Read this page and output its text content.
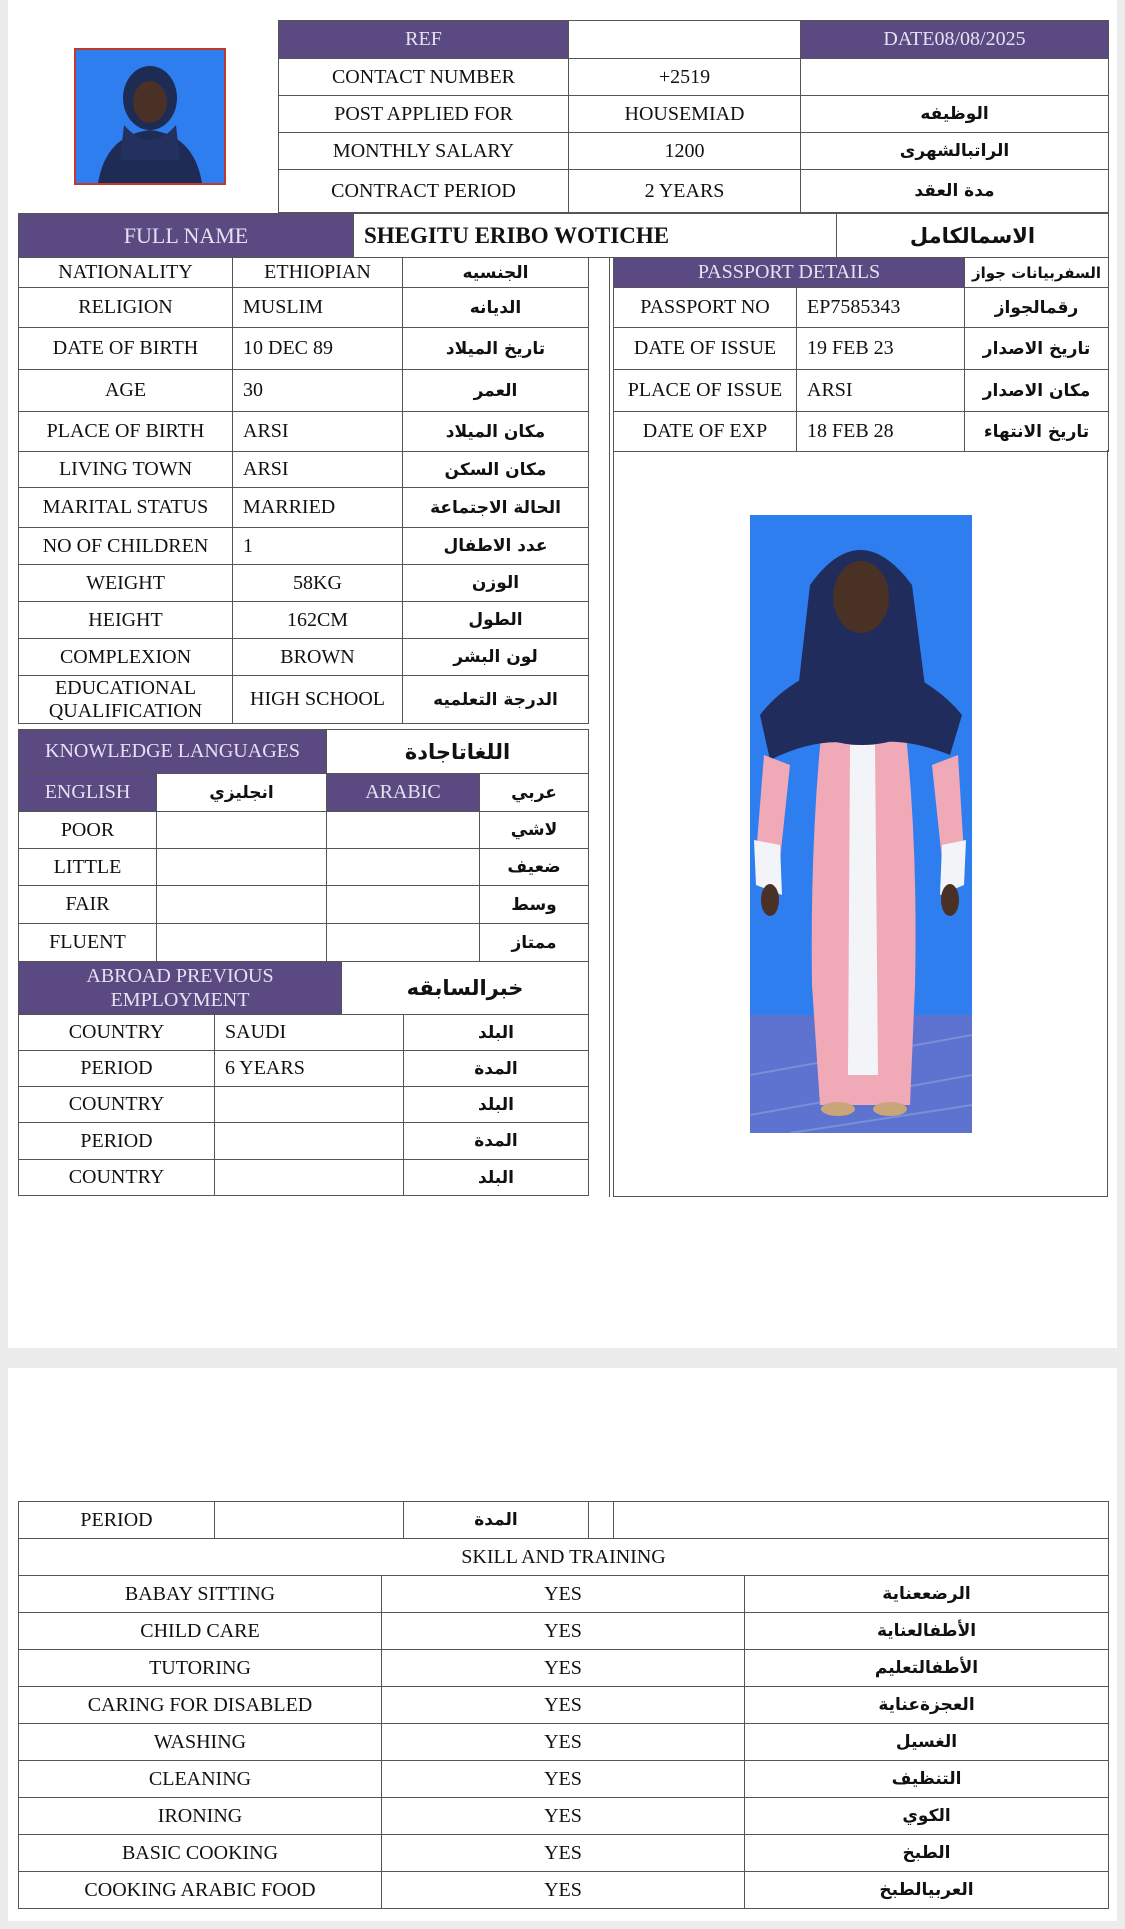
REF		DATE08/08/2025
CONTACT NUMBER	+2519	
POST APPLIED FOR	HOUSEMIAD	الوظيفه
MONTHLY SALARY	1200	الراتبالشهرى
CONTRACT PERIOD	2 YEARS	مدة العقد
FULL NAME	SHEGITU ERIBO WOTICHE	الاسمالكامل
NATIONALITY	ETHIOPIAN	الجنسيه
RELIGION	MUSLIM	الديانه
DATE OF BIRTH	10 DEC 89	تاريخ الميلاد
AGE	30	العمر
PLACE OF BIRTH	ARSI	مكان الميلاد
LIVING TOWN	ARSI	مكان السكن
MARITAL STATUS	MARRIED	الحالة الاجتماعة
NO OF CHILDREN	1	عدد الاطفال
WEIGHT	58KG	الوزن
HEIGHT	162CM	الطول
COMPLEXION	BROWN	لون البشر
EDUCATIONAL QUALIFICATION	HIGH SCHOOL	الدرجة التعلميه
PASSPORT DETAILS		السفربيانات جواز
PASSPORT NO	EP7585343	رقمالجواز
DATE OF ISSUE	19 FEB 23	تاريخ الاصدار
PLACE OF ISSUE	ARSI	مكان الاصدار
DATE OF EXP	18 FEB 28	تاريخ الانتهاء
KNOWLEDGE LANGUAGES		اللغاتاجادة	
ENGLISH	انجليزي	ARABIC	عربي
POOR			لاشي
LITTLE			ضعيف
FAIR			وسط
FLUENT			ممتاز
ABROAD PREVIOUS EMPLOYMENT	خبرالسابقه
COUNTRY	SAUDI	البلد
PERIOD	6 YEARS	المدة
COUNTRY		البلد
PERIOD		المدة
COUNTRY		البلد
PERIOD		المدة		
SKILL AND TRAINING		
BABAY SITTING	YES	الرضععناية
CHILD CARE	YES	الأطفالعناية
TUTORING	YES	الأطفالتعليم
CARING FOR DISABLED	YES	العجزةعناية
WASHING	YES	الغسيل
CLEANING	YES	التنظيف
IRONING	YES	الكوي
BASIC COOKING	YES	الطبخ
COOKING ARABIC FOOD	YES	العربيالطبخ
